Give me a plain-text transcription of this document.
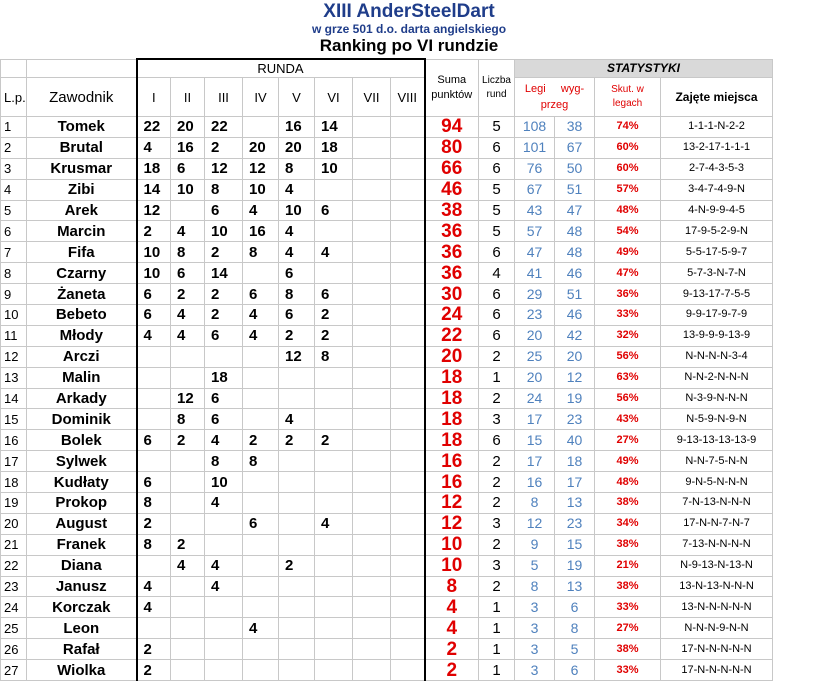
XIII AnderSteelDart
w grze 501 d.o. darta angielskiego
Ranking po VI rundzie
		RUNDA								Suma
punktów	Liczba
rund	STATYSTYKI			
L.p.	Zawodnik	I	II	III	IV	V	VI	VII	VIII			Legi wyg-
przeg		Skut. w
legach	Zajęte miejsca
1	Tomek	22	20	22		16	14			94	5	108	38	74%	1-1-1-N-2-2
2	Brutal	4	16	2	20	20	18			80	6	101	67	60%	13-2-17-1-1-1
3	Krusmar	18	6	12	12	8	10			66	6	76	50	60%	2-7-4-3-5-3
4	Zibi	14	10	8	10	4				46	5	67	51	57%	3-4-7-4-9-N
5	Arek	12		6	4	10	6			38	5	43	47	48%	4-N-9-9-4-5
6	Marcin	2	4	10	16	4				36	5	57	48	54%	17-9-5-2-9-N
7	Fifa	10	8	2	8	4	4			36	6	47	48	49%	5-5-17-5-9-7
8	Czarny	10	6	14		6				36	4	41	46	47%	5-7-3-N-7-N
9	Żaneta	6	2	2	6	8	6			30	6	29	51	36%	9-13-17-7-5-5
10	Bebeto	6	4	2	4	6	2			24	6	23	46	33%	9-9-17-9-7-9
11	Młody	4	4	6	4	2	2			22	6	20	42	32%	13-9-9-9-13-9
12	Arczi					12	8			20	2	25	20	56%	N-N-N-N-3-4
13	Malin			18						18	1	20	12	63%	N-N-2-N-N-N
14	Arkady		12	6						18	2	24	19	56%	N-3-9-N-N-N
15	Dominik		8	6		4				18	3	17	23	43%	N-5-9-N-9-N
16	Bolek	6	2	4	2	2	2			18	6	15	40	27%	9-13-13-13-13-9
17	Sylwek			8	8					16	2	17	18	49%	N-N-7-5-N-N
18	Kudłaty	6		10						16	2	16	17	48%	9-N-5-N-N-N
19	Prokop	8		4						12	2	8	13	38%	7-N-13-N-N-N
20	August	2			6		4			12	3	12	23	34%	17-N-N-7-N-7
21	Franek	8	2							10	2	9	15	38%	7-13-N-N-N-N
22	Diana		4	4		2				10	3	5	19	21%	N-9-13-N-13-N
23	Janusz	4		4						8	2	8	13	38%	13-N-13-N-N-N
24	Korczak	4								4	1	3	6	33%	13-N-N-N-N-N
25	Leon				4					4	1	3	8	27%	N-N-N-9-N-N
26	Rafał	2								2	1	3	5	38%	17-N-N-N-N-N
27	Wiolka	2								2	1	3	6	33%	17-N-N-N-N-N
